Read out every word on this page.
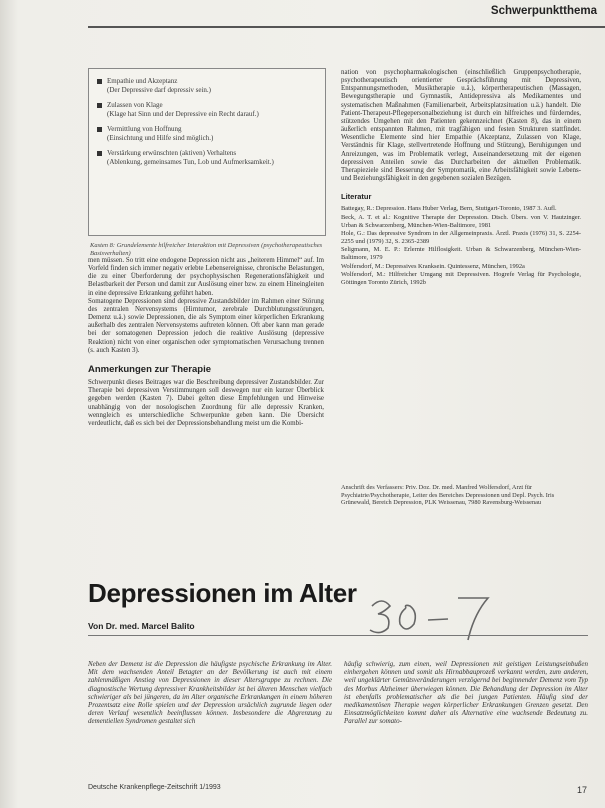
Schwerpunktthema
Empathie und Akzeptanz
(Der Depressive darf depressiv sein.)
Zulassen von Klage
(Klage hat Sinn und der Depressive ein Recht darauf.)
Vermittlung von Hoffnung
(Einsichtung und Hilfe sind möglich.)
Verstärkung erwünschten (aktiven) Verhaltens
(Ablenkung, gemeinsames Tun, Lob und Aufmerksamkeit.)
Kasten 8: Grundelemente hilfreicher Interaktion mit Depressiven (psychotherapeutisches Basisverhalten)

men müssen. So tritt eine endogene Depression nicht aus „heiterem Himmel“ auf. Im Vorfeld finden sich immer negativ erlebte Lebensereignisse, chronische Belastungen, die zu einer Überforderung der psychophysischen Regenerationsfähigkeit und Belastbarkeit der Person und damit zur Auslösung einer bzw. zu einem Hineingleiten in eine depressive Erkrankung geführt haben.

Somatogene Depressionen sind depressive Zustandsbilder im Rahmen einer Störung des zentralen Nervensystems (Hirntumor, zerebrale Durchblutungsstörungen, Demenz u.ä.) sowie Depressionen, die als Symptom einer körperlichen Erkrankung außerhalb des zentralen Nervensystems auftreten können. Oft aber kann man gerade bei der somatogenen Depression jedoch die reaktive Auslösung (depressive Reaktion) nicht von einer organischen oder symptomatischen Verursachung trennen (s. auch Kasten 3).

Anmerkungen zur Therapie

Schwerpunkt dieses Beitrages war die Beschreibung depressiver Zustandsbilder. Zur Therapie bei depressiven Verstimmungen soll deswegen nur ein kurzer Überblick gegeben werden (Kasten 7). Dabei gelten diese Empfehlungen und Hinweise unabhängig von der nosologischen Zuordnung für alle depressiv Kranken, wenngleich es unterschiedliche Schwerpunkte geben kann. Die Übersicht verdeutlicht, daß es sich bei der Depressionsbehandlung meist um die Kombi-

nation von psychopharmakologischen (einschließlich Gruppenpsychotherapie, psychotherapeutisch orientierter Gesprächsführung mit Depressiven, Entspannungsmethoden, Musiktherapie u.ä.), körpertherapeutischen (Massagen, Bewegungstherapie und Gymnastik, Antidepressiva als Medikamentes und systematischen Maßnahmen (Familienarbeit, Arbeitsplatzsituation u.ä.) handelt. Die Patient-Therapeut-Pflegepersonalbeziehung ist durch ein hilfreiches und fürderndes, stützendes Umgehen mit den Patienten gekennzeichnet (Kasten 8), das in einem äußerlich entspannten Rahmen, mit tragfähigen und festen Strukturen stattfindet. Wesentliche Elemente sind hier Empathie (Akzeptanz, Zulassen von Klage, Verständnis für Klage, stellvertretende Hoffnung und Stützung), Beruhigungen und Anreizungen, was im Problematik verlegt, Auseinandersetzung mit der eigenen depressiven Anteilen sowie das Durcharbeiten der aktuellen Problematik. Therapieziele sind Besserung der Symptomatik, eine Arbeitsfähigkeit sowie Lebens- und Beziehungsfähigkeit in den gegebenen sozialen Bezügen.

Literatur

Battegay, R.: Depression. Hans Huber Verlag, Bern, Stuttgart-Toronto, 1987 3. Aufl.

Beck, A. T. et al.: Kognitive Therapie der Depression. Dtsch. Übers. von V. Hautzinger. Urban & Schwarzenberg, München-Wien-Baltimore, 1981

Hole, G.: Das depressive Syndrom in der Allgemeinpraxis. Ärztl. Praxis (1976) 31, S. 2254-2255 und (1979) 32, S. 2365-2389

Seligmann, M. E. P.: Erlernte Hilflosigkeit. Urban & Schwarzenberg, München-Wien-Baltimore, 1979

Wolfersdorf, M.: Depressives Kranksein. Quintessenz, München, 1992a

Wolfersdorf, M.: Hilfreicher Umgang mit Depressiven. Hogrefe Verlag für Psychologie, Göttingen Toronto Zürich, 1992b

Anschrift des Verfassers: Priv. Doz. Dr. med. Manfred Wolfersdorf, Arzt für Psychiatrie/Psychotherapie, Leiter des Bereiches Depressionen und Depl. Psych. Iris Grünewald, Bereich Depression, PLK Weissenau, 7980 Ravensburg-Weissenau
Depressionen im Alter
Von Dr. med. Marcel Balito
Neben der Demenz ist die Depression die häufigste psychische Erkrankung im Alter. Mit dem wachsenden Anteil Betagter an der Bevölkerung ist auch mit einem zahlenmäßigen Anstieg von Depressionen in dieser Altersgruppe zu rechnen. Die diagnostische Wertung depressiver Krankheitsbilder ist bei älteren Menschen vielfach schwieriger als bei jüngeren, da im Alter organische Erkrankungen in einem höheren Prozentsatz eine Rolle spielen und der Depression ursächlich zugrunde liegen oder deren Verlauf wesentlich beeinflussen können. Insbesondere die Abgrenzung zu dementiellen Syndromen gestaltet sich
häufig schwierig, zum einen, weil Depressionen mit geistigen Leistungseinbußen einhergehen können und somit als Hirnabbauprozeß verkannt werden, zum anderen, weil ungeklärter Gemütsveränderungen verzögernd bei beginnender Demenz vom Typ des Morbus Alzheimer überwiegen können. Die Behandlung der Depression im Alter ist ebenfalls problematischer als die bei jungen Patienten. Häufig sind der medikamentösen Therapie wegen körperlicher Erkrankungen Grenzen gesetzt. Den Einsatzmöglichkeiten kommt daher als Alternative eine wachsende Bedeutung zu. Parallel zur somato-
Deutsche Krankenpflege-Zeitschrift 1/1993	17
